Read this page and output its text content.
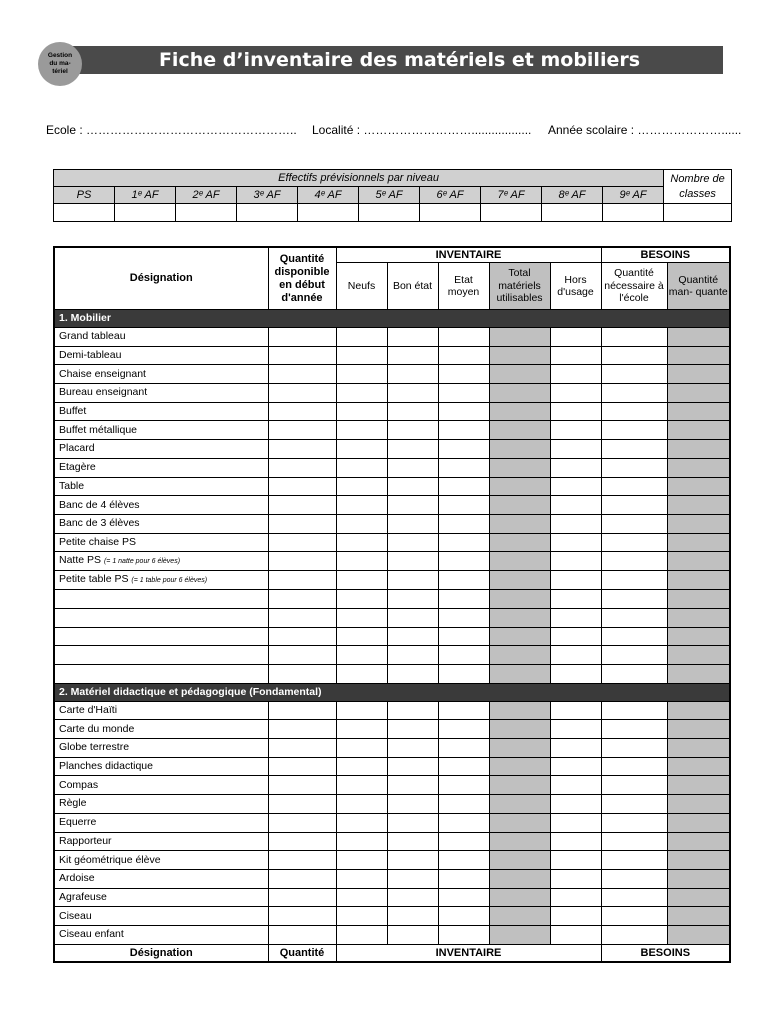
Gestion
du ma-
tériel
Fiche d’inventaire des matériels et mobiliers
Ecole : …………………………………………….. Localité : ……………………….................. Année scolaire : …………………......
Effectifs prévisionnels par niveau										Nombre de classes
PS	1ᵉ AF	2ᵉ AF	3ᵉ AF	4ᵉ AF	5ᵉ AF	6ᵉ AF	7ᵉ AF	8ᵉ AF	9ᵉ AF	

Désignation	Quantité disponible en début d'année	INVENTAIRE					BESOINS	
		Neufs	Bon état	Etat moyen	Total matériels utilisables	Hors d'usage	Quantité nécessaire à l'école	Quantité man- quante
1. Mobilier								
Grand tableau								
Demi-tableau								
Chaise enseignant								
Bureau enseignant								
Buffet								
Buffet métallique								
Placard								
Etagère								
Table								
Banc de 4 élèves								
Banc de 3 élèves								
Petite chaise PS								
Natte PS (= 1 natte pour 6 élèves)								
Petite table PS (= 1 table pour 6 élèves)								

2. Matériel didactique et pédagogique (Fondamental)								
Carte d'Haïti								
Carte du monde								
Globe terrestre								
Planches didactique								
Compas								
Règle								
Equerre								
Rapporteur								
Kit géométrique élève								
Ardoise								
Agrafeuse								
Ciseau								
Ciseau enfant								
Désignation	Quantité	INVENTAIRE					BESOINS	
